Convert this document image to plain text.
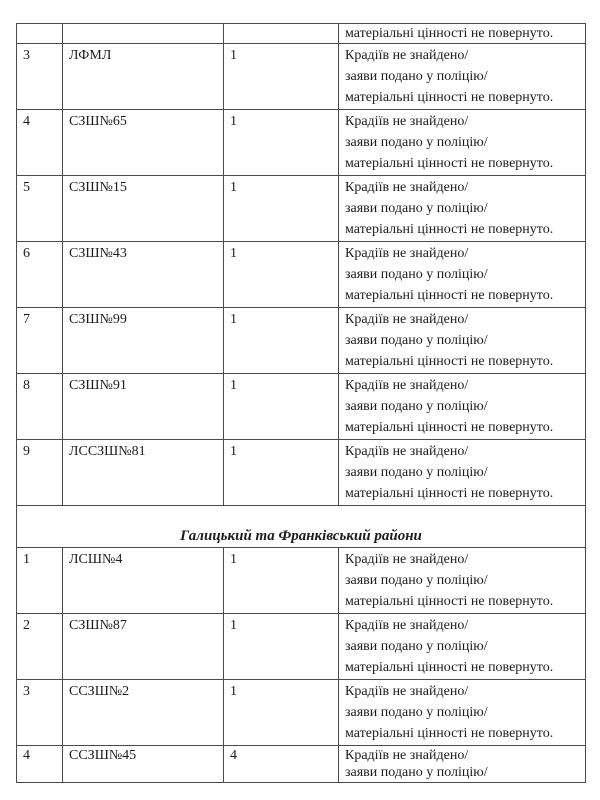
			матеріальні цінності не повернуто.

3	ЛФМЛ	1	Крадіїв не знайдено/
заяви подано у поліцію/
матеріальні цінності не повернуто.

4	СЗШ№65	1	Крадіїв не знайдено/
заяви подано у поліцію/
матеріальні цінності не повернуто.

5	СЗШ№15	1	Крадіїв не знайдено/
заяви подано у поліцію/
матеріальні цінності не повернуто.

6	СЗШ№43	1	Крадіїв не знайдено/
заяви подано у поліцію/
матеріальні цінності не повернуто.

7	СЗШ№99	1	Крадіїв не знайдено/
заяви подано у поліцію/
матеріальні цінності не повернуто.

8	СЗШ№91	1	Крадіїв не знайдено/
заяви подано у поліцію/
матеріальні цінності не повернуто.

9	ЛССЗШ№81	1	Крадіїв не знайдено/
заяви подано у поліцію/
матеріальні цінності не повернуто.

Галицький та Франківський райони			
1	ЛСШ№4	1	Крадіїв не знайдено/
заяви подано у поліцію/
матеріальні цінності не повернуто.

2	СЗШ№87	1	Крадіїв не знайдено/
заяви подано у поліцію/
матеріальні цінності не повернуто.

3	ССЗШ№2	1	Крадіїв не знайдено/
заяви подано у поліцію/
матеріальні цінності не повернуто.

4	ССЗШ№45	4	Крадіїв не знайдено/
заяви подано у поліцію/
